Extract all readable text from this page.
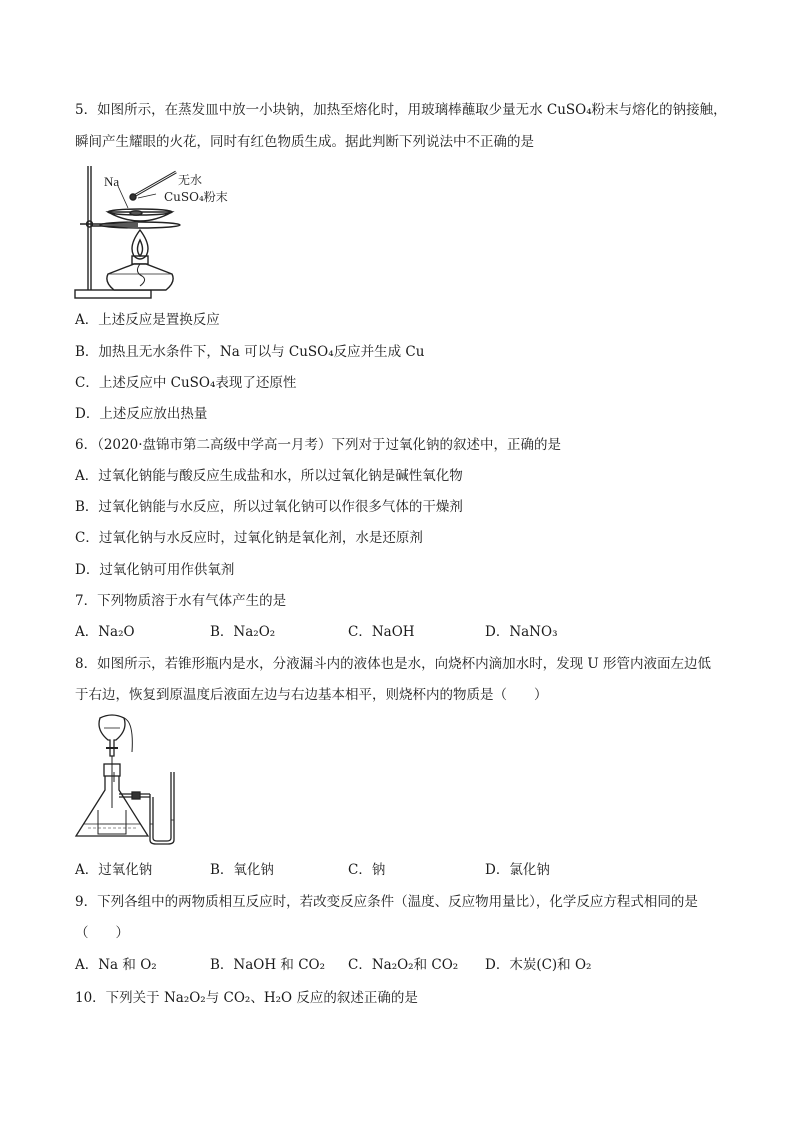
5．如图所示，在蒸发皿中放一小块钠，加热至熔化时，用玻璃棒蘸取少量无水 CuSO₄粉末与熔化的钠接触，
瞬间产生耀眼的火花，同时有红色物质生成。据此判断下列说法中不正确的是
Na	无水
CuSO₄粉末
A．上述反应是置换反应
B．加热且无水条件下，Na 可以与 CuSO₄反应并生成 Cu
C．上述反应中 CuSO₄表现了还原性
D．上述反应放出热量
6．（2020·盘锦市第二高级中学高一月考）下列对于过氧化钠的叙述中，正确的是
A．过氧化钠能与酸反应生成盐和水，所以过氧化钠是碱性氧化物
B．过氧化钠能与水反应，所以过氧化钠可以作很多气体的干燥剂
C．过氧化钠与水反应时，过氧化钠是氧化剂，水是还原剂
D．过氧化钠可用作供氧剂
7．下列物质溶于水有气体产生的是
A．Na₂O	B．Na₂O₂	C．NaOH	D．NaNO₃
8．如图所示，若锥形瓶内是水，分液漏斗内的液体也是水，向烧杯内滴加水时，发现 U 形管内液面左边低
于右边，恢复到原温度后液面左边与右边基本相平，则烧杯内的物质是（　　）
A．过氧化钠	B．氧化钠	C．钠	D．氯化钠
9．下列各组中的两物质相互反应时，若改变反应条件（温度、反应物用量比），化学反应方程式相同的是
（　　）
A．Na 和 O₂	B．NaOH 和 CO₂ C．Na₂O₂和 CO₂ D．木炭(C)和 O₂
10．下列关于 Na₂O₂与 CO₂、H₂O 反应的叙述正确的是
